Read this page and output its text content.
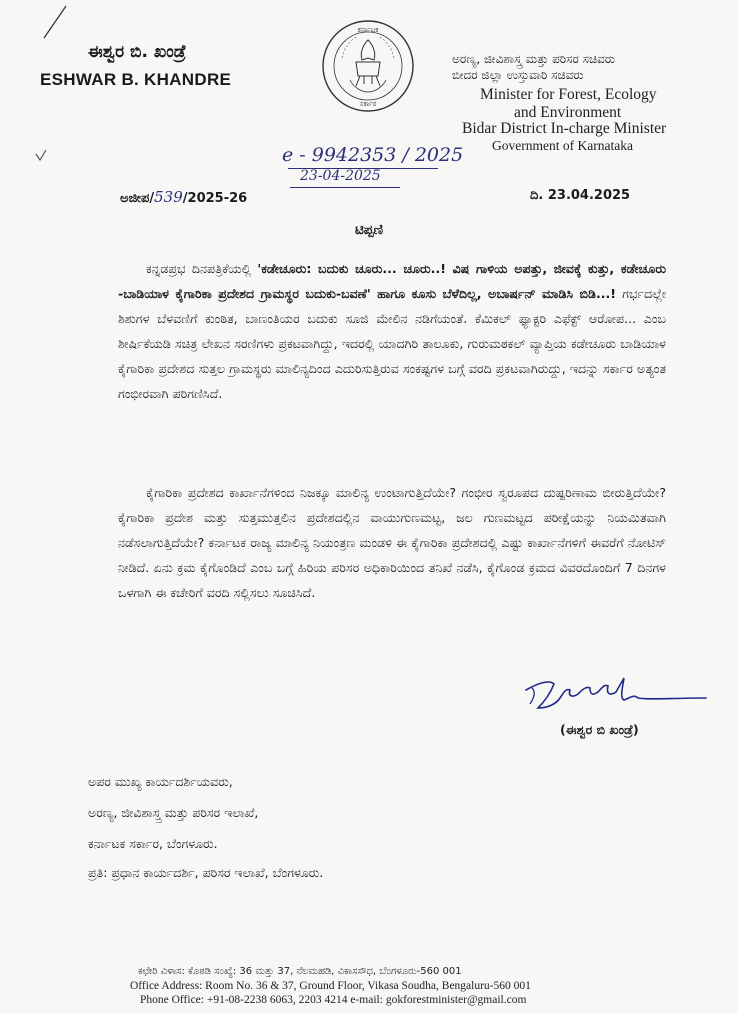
ಈಶ್ವರ ಬಿ. ಖಂಡ್ರೆ
ESHWAR B. KHANDRE
ಕರ್ನಾಟಕ
ಸರ್ಕಾರ
ಅರಣ್ಯ, ಜೀವಿಶಾಸ್ತ್ರ ಮತ್ತು ಪರಿಸರ ಸಚಿವರು
ಬೀದರ ಜಿಲ್ಲಾ ಉಸ್ತುವಾರಿ ಸಚಿವರು
Minister for Forest, Ecology
and Environment
Bidar District In-charge Minister
Government of Karnataka
e - 9942353 / 2025
23-04-2025
ಅಜೀಪ/539/2025-26	ದಿ. 23.04.2025
ಟಿಪ್ಪಣಿ
ಕನ್ನಡಪ್ರಭ ದಿನಪತ್ರಿಕೆಯಲ್ಲಿ 'ಕಡೇಚೂರು: ಬದುಕು ಚೂರು... ಚೂರು..! ವಿಷ ಗಾಳಿಯ ಅಪತ್ತು, ಜೀವಕ್ಕೆ ಕುತ್ತು, ಕಡೇಚೂರು -ಬಾಡಿಯಾಳ ಕೈಗಾರಿಕಾ ಪ್ರದೇಶದ ಗ್ರಾಮಸ್ಥರ ಬದುಕು-ಬವಣೆ' ಹಾಗೂ ಕೂಸು ಬೆಳೆದಿಲ್ಲ, ಅಬಾರ್ಷನ್ ಮಾಡಿಸಿ ಬಿಡಿ...! ಗರ್ಭದಲ್ಲೇ ಶಿಶುಗಳ ಬೆಳವಣಿಗೆ ಕುಂಠಿತ, ಬಾಣಂತಿಯರ ಬದುಕು ಸೂಜಿ ಮೇಲಿನ ನಡಿಗೆಯಂತೆ. ಕೆಮಿಕಲ್ ಫ್ಯಾಕ್ಟರಿ ಎಫೆಕ್ಟ್ ಆರೋಪ... ಎಂಬ ಶೀರ್ಷಿಕೆಯಡಿ ಸಚಿತ್ರ ಲೇಖನ ಸರಣಿಗಳು ಪ್ರಕಟವಾಗಿದ್ದು, ಇದರಲ್ಲಿ ಯಾದಗಿರಿ ತಾಲೂಕು, ಗುರುಮಠಕಲ್ ವ್ಯಾಪ್ತಿಯ ಕಡೇಚೂರು ಬಾಡಿಯಾಳ ಕೈಗಾರಿಕಾ ಪ್ರದೇಶದ ಸುತ್ತಲ ಗ್ರಾಮಸ್ಥರು ಮಾಲಿನ್ಯದಿಂದ ಎದುರಿಸುತ್ತಿರುವ ಸಂಕಷ್ಟಗಳ ಬಗ್ಗೆ ವರದಿ ಪ್ರಕಟವಾಗಿರುದ್ದು, ಇದನ್ನು ಸರ್ಕಾರ ಅತ್ಯಂತ ಗಂಭೀರವಾಗಿ ಪರಿಗಣಿಸಿದೆ.
ಕೈಗಾರಿಕಾ ಪ್ರದೇಶದ ಕಾರ್ಖಾನೆಗಳಿಂದ ನಿಜಕ್ಕೂ ಮಾಲಿನ್ಯ ಉಂಟಾಗುತ್ತಿದೆಯೇ? ಗಂಭೀರ ಸ್ವರೂಪದ ದುಷ್ಪರಿಣಾಮ ಬೀರುತ್ತಿದೆಯೇ? ಕೈಗಾರಿಕಾ ಪ್ರದೇಶ ಮತ್ತು ಸುತ್ತಮುತ್ತಲಿನ ಪ್ರದೇಶದಲ್ಲಿನ ವಾಯುಗುಣಮಟ್ಟ, ಜಲ ಗುಣಮಟ್ಟದ ಪರೀಕ್ಷೆಯನ್ನು ನಿಯಮಿತವಾಗಿ ನಡೆಸಲಾಗುತ್ತಿದೆಯೇ? ಕರ್ನಾಟಕ ರಾಜ್ಯ ಮಾಲಿನ್ಯ ನಿಯಂತ್ರಣ ಮಂಡಳಿ ಈ ಕೈಗಾರಿಕಾ ಪ್ರದೇಶದಲ್ಲಿ ಎಷ್ಟು ಕಾರ್ಖಾನೆಗಳಿಗೆ ಈವರೆಗೆ ನೋಟಿಸ್ ನೀಡಿದೆ. ಏನು ಕ್ರಮ ಕೈಗೊಂಡಿದೆ ಎಂಬ ಬಗ್ಗೆ ಹಿರಿಯ ಪರಿಸರ ಅಧಿಕಾರಿಯಿಂದ ತನಿಖೆ ನಡೆಸಿ, ಕೈಗೊಂಡ ಕ್ರಮದ ವಿವರದೊಂದಿಗೆ 7 ದಿನಗಳ ಒಳಗಾಗಿ ಈ ಕಚೇರಿಗೆ ವರದಿ ಸಲ್ಲಿಸಲು ಸೂಚಿಸಿದೆ.
(ಈಶ್ವರ ಬಿ ಖಂಡ್ರೆ)
ಅಪರ ಮುಖ್ಯ ಕಾರ್ಯದರ್ಶಿಯವರು,
ಅರಣ್ಯ, ಜೀವಿಶಾಸ್ತ್ರ ಮತ್ತು ಪರಿಸರ ಇಲಾಖೆ,
ಕರ್ನಾಟಕ ಸರ್ಕಾರ, ಬೆಂಗಳೂರು.
ಪ್ರತಿ: ಪ್ರಧಾನ ಕಾರ್ಯದರ್ಶಿ, ಪರಿಸರ ಇಲಾಖೆ, ಬೆಂಗಳೂರು.
ಕಛೇರಿ ವಿಳಾಸ: ಕೊಠಡಿ ಸಂಖ್ಯೆ: 36 ಮತ್ತು 37, ನೆಲಮಹಡಿ, ವಿಕಾಸಸೌಧ, ಬೆಂಗಳೂರು-560 001
Office Address: Room No. 36 & 37, Ground Floor, Vikasa Soudha, Bengaluru-560 001
Phone Office: +91-08-2238 6063, 2203 4214 e-mail: gokforestminister@gmail.com
